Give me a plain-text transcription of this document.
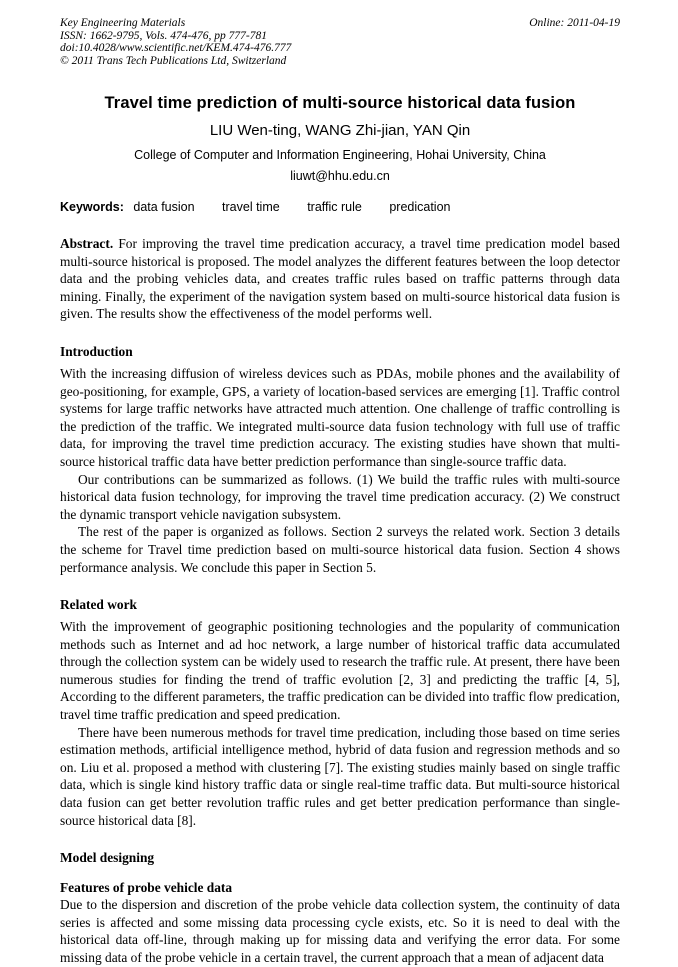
Key Engineering Materials
ISSN: 1662-9795, Vols. 474-476, pp 777-781
doi:10.4028/www.scientific.net/KEM.474-476.777
© 2011 Trans Tech Publications Ltd, Switzerland
Online: 2011-04-19
Travel time prediction of multi-source historical data fusion
LIU Wen-ting, WANG Zhi-jian, YAN Qin
College of Computer and Information Engineering, Hohai University, China
liuwt@hhu.edu.cn
Keywords: data fusion travel time traffic rule predication
Abstract. For improving the travel time predication accuracy, a travel time predication model based multi-source historical is proposed. The model analyzes the different features between the loop detector data and the probing vehicles data, and creates traffic rules based on traffic patterns through data mining. Finally, the experiment of the navigation system based on multi-source historical data fusion is given. The results show the effectiveness of the model performs well.
Introduction
With the increasing diffusion of wireless devices such as PDAs, mobile phones and the availability of geo-positioning, for example, GPS, a variety of location-based services are emerging [1]. Traffic control systems for large traffic networks have attracted much attention. One challenge of traffic controlling is the prediction of the traffic. We integrated multi-source data fusion technology with full use of traffic data, for improving the travel time prediction accuracy. The existing studies have shown that multi-source historical traffic data have better prediction performance than single-source traffic data.
Our contributions can be summarized as follows. (1) We build the traffic rules with multi-source historical data fusion technology, for improving the travel time predication accuracy. (2) We construct the dynamic transport vehicle navigation subsystem.
The rest of the paper is organized as follows. Section 2 surveys the related work. Section 3 details the scheme for Travel time prediction based on multi-source historical data fusion. Section 4 shows performance analysis. We conclude this paper in Section 5.
Related work
With the improvement of geographic positioning technologies and the popularity of communication methods such as Internet and ad hoc network, a large number of historical traffic data accumulated through the collection system can be widely used to research the traffic rule. At present, there have been numerous studies for finding the trend of traffic evolution [2, 3] and predicting the traffic [4, 5], According to the different parameters, the traffic predication can be divided into traffic flow predication, travel time traffic predication and speed predication.
There have been numerous methods for travel time predication, including those based on time series estimation methods, artificial intelligence method, hybrid of data fusion and regression methods and so on. Liu et al. proposed a method with clustering [7]. The existing studies mainly based on single traffic data, which is single kind history traffic data or single real-time traffic data. But multi-source historical data fusion can get better revolution traffic rules and get better predication performance than single-source historical data [8].
Model designing
Features of probe vehicle data
Due to the dispersion and discretion of the probe vehicle data collection system, the continuity of data series is affected and some missing data processing cycle exists, etc. So it is need to deal with the historical data off-line, through making up for missing data and verifying the error data. For some missing data of the probe vehicle in a certain travel, the current approach that a mean of adjacent data
